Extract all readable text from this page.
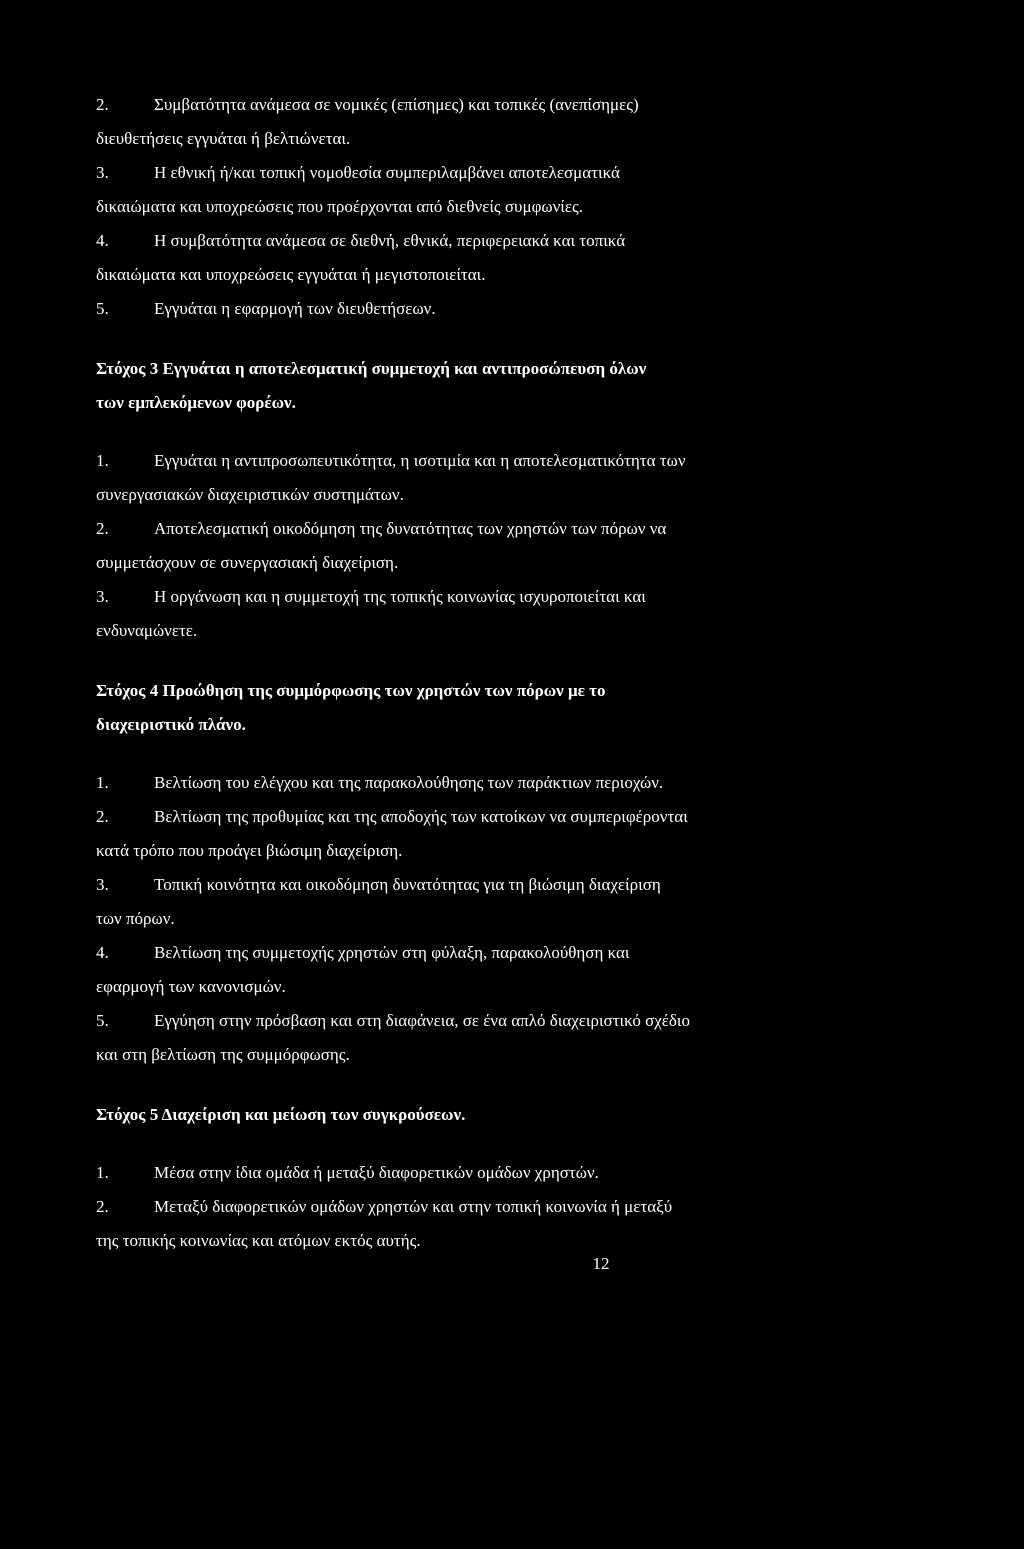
2.	Συμβατότητα ανάμεσα σε νομικές (επίσημες) και τοπικές (ανεπίσημες)

διευθετήσεις εγγυάται ή βελτιώνεται.

3.	Η εθνική ή/και τοπική νομοθεσία συμπεριλαμβάνει αποτελεσματικά

δικαιώματα και υποχρεώσεις που προέρχονται από διεθνείς συμφωνίες.

4.	Η συμβατότητα ανάμεσα σε διεθνή, εθνικά, περιφερειακά και τοπικά

δικαιώματα και υποχρεώσεις εγγυάται ή μεγιστοποιείται.

5.	Εγγυάται η εφαρμογή των διευθετήσεων.

Στόχος 3 Εγγυάται η αποτελεσματική συμμετοχή και αντιπροσώπευση όλων

των εμπλεκόμενων φορέων.

1.	Εγγυάται η αντιπροσωπευτικότητα, η ισοτιμία και η αποτελεσματικότητα των

συνεργασιακών διαχειριστικών συστημάτων.

2.	Αποτελεσματική οικοδόμηση της δυνατότητας των χρηστών των πόρων να

συμμετάσχουν σε συνεργασιακή διαχείριση.

3.	Η οργάνωση και η συμμετοχή της τοπικής κοινωνίας ισχυροποιείται και

ενδυναμώνετε.

Στόχος 4 Προώθηση της συμμόρφωσης των χρηστών των πόρων με το

διαχειριστικό πλάνο.

1.	Βελτίωση του ελέγχου και της παρακολούθησης των παράκτιων περιοχών.

2.	Βελτίωση της προθυμίας και της αποδοχής των κατοίκων να συμπεριφέρονται

κατά τρόπο που προάγει βιώσιμη διαχείριση.

3.	Τοπική κοινότητα και οικοδόμηση δυνατότητας για τη βιώσιμη διαχείριση

των πόρων.

4.	Βελτίωση της συμμετοχής χρηστών στη φύλαξη, παρακολούθηση και

εφαρμογή των κανονισμών.

5.	Εγγύηση στην πρόσβαση και στη διαφάνεια, σε ένα απλό διαχειριστικό σχέδιο

και στη βελτίωση της συμμόρφωσης.

Στόχος 5 Διαχείριση και μείωση των συγκρούσεων.

1.	Μέσα στην ίδια ομάδα ή μεταξύ διαφορετικών ομάδων χρηστών.

2.	Μεταξύ διαφορετικών ομάδων χρηστών και στην τοπική κοινωνία ή μεταξύ

της τοπικής κοινωνίας και ατόμων εκτός αυτής.

12
